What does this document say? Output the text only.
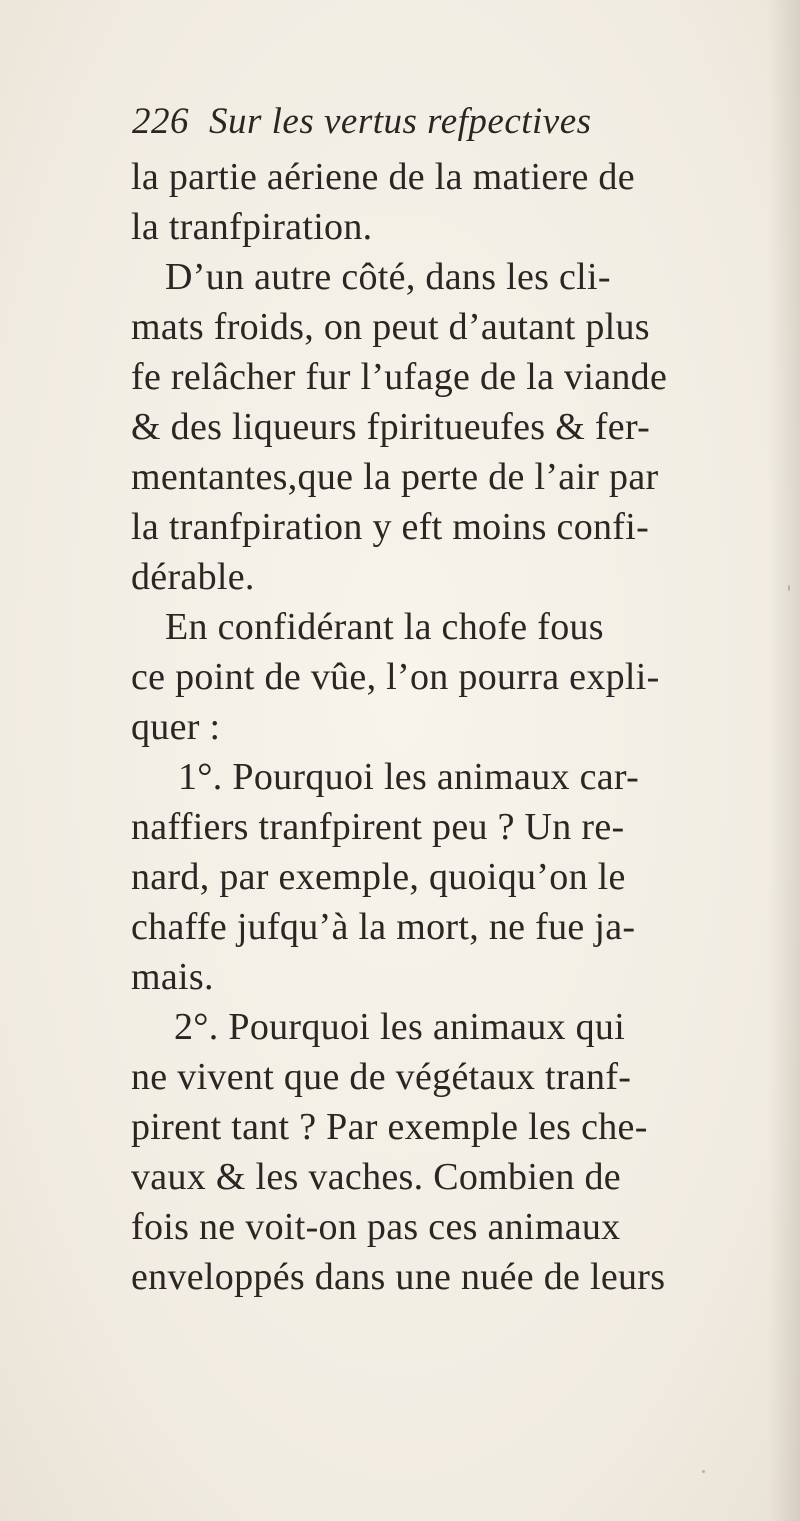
226 Sur les vertus refpectives
la partie aériene de la matiere de
la tranfpiration.
D’un autre côté, dans les cli-
mats froids, on peut d’autant plus
fe relâcher fur l’ufage de la viande
& des liqueurs fpiritueufes & fer-
mentantes,que la perte de l’air par
la tranfpiration y eft moins confi-
dérable.
En confidérant la chofe fous
ce point de vûe, l’on pourra expli-
quer :
1°. Pourquoi les animaux car-
naffiers tranfpirent peu ? Un re-
nard, par exemple, quoiqu’on le
chaffe jufqu’à la mort, ne fue ja-
mais.
2°. Pourquoi les animaux qui
ne vivent que de végétaux tranf-
pirent tant ? Par exemple les che-
vaux & les vaches. Combien de
fois ne voit-on pas ces animaux
enveloppés dans une nuée de leurs
